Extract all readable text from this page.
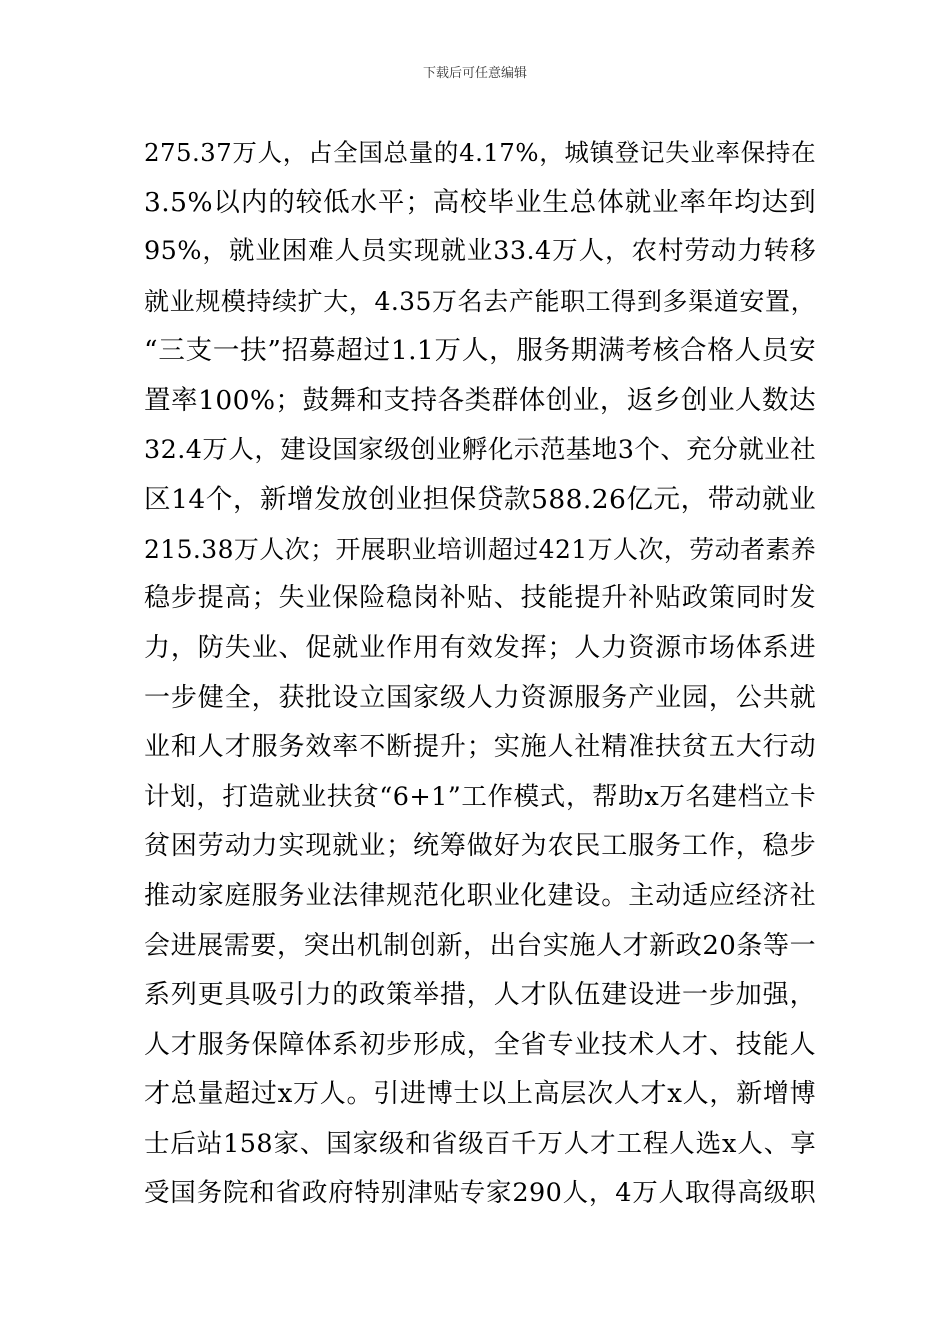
下载后可任意编辑
275.37万人，占全国总量的4.17%，城镇登记失业率保持在
3.5%以内的较低水平；高校毕业生总体就业率年均达到
95%，就业困难人员实现就业33.4万人，农村劳动力转移
就业规模持续扩大，4.35万名去产能职工得到多渠道安置，
“三支一扶”招募超过1.1万人，服务期满考核合格人员安
置率100%；鼓舞和支持各类群体创业，返乡创业人数达
32.4万人，建设国家级创业孵化示范基地3个、充分就业社
区14个，新增发放创业担保贷款588.26亿元，带动就业
215.38万人次；开展职业培训超过421万人次，劳动者素养
稳步提高；失业保险稳岗补贴、技能提升补贴政策同时发
力，防失业、促就业作用有效发挥；人力资源市场体系进
一步健全，获批设立国家级人力资源服务产业园，公共就
业和人才服务效率不断提升；实施人社精准扶贫五大行动
计划，打造就业扶贫“6+1”工作模式，帮助x万名建档立卡
贫困劳动力实现就业；统筹做好为农民工服务工作，稳步
推动家庭服务业法律规范化职业化建设。主动适应经济社
会进展需要，突出机制创新，出台实施人才新政20条等一
系列更具吸引力的政策举措，人才队伍建设进一步加强，
人才服务保障体系初步形成，全省专业技术人才、技能人
才总量超过x万人。引进博士以上高层次人才x人，新增博
士后站158家、国家级和省级百千万人才工程人选x人、享
受国务院和省政府特别津贴专家290人，4万人取得高级职
